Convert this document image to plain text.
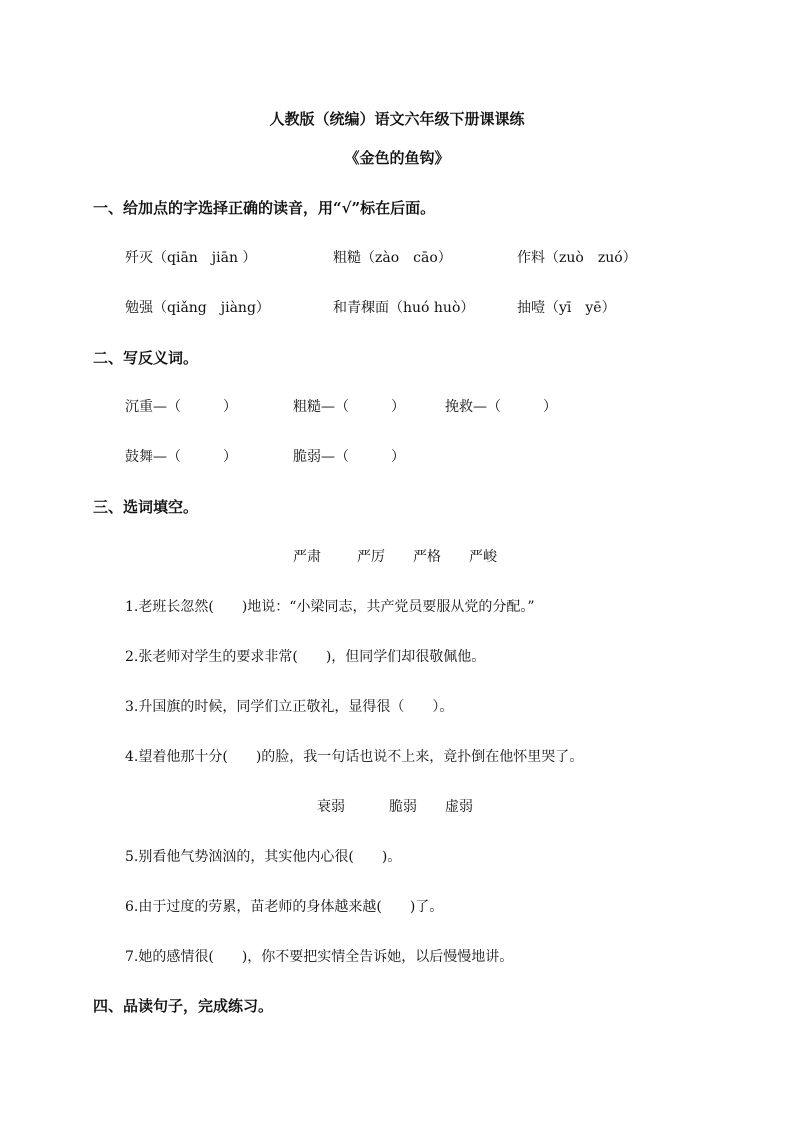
人教版（统编）语文六年级下册课课练
《金色的鱼钩》
一、给加点的字选择正确的读音，用“√”标在后面。
歼灭（qiān　jiān ）	粗糙（zào　cāo）	作料（zuò　zuó）
勉强（qiǎng　jiàng）	和青稞面（huó huò）	抽噎（yī　yē）
二、写反义词。
沉重—（　　　）	粗糙—（　　　）	挽救—（　　　）
鼓舞—（　　　）	脆弱—（　　　）
三、选词填空。
严肃	严厉 严格 严峻
1.老班长忽然(　　)地说：“小梁同志，共产党员要服从党的分配。”
2.张老师对学生的要求非常(　　)，但同学们却很敬佩他。
3.升国旗的时候，同学们立正敬礼，显得很（　　）。
4.望着他那十分(　　)的脸，我一句话也说不上来，竟扑倒在他怀里哭了。
衰弱	脆弱 虚弱
5.别看他气势汹汹的，其实他内心很(　　)。
6.由于过度的劳累，苗老师的身体越来越(　　)了。
7.她的感情很(　　)，你不要把实情全告诉她，以后慢慢地讲。
四、品读句子，完成练习。
